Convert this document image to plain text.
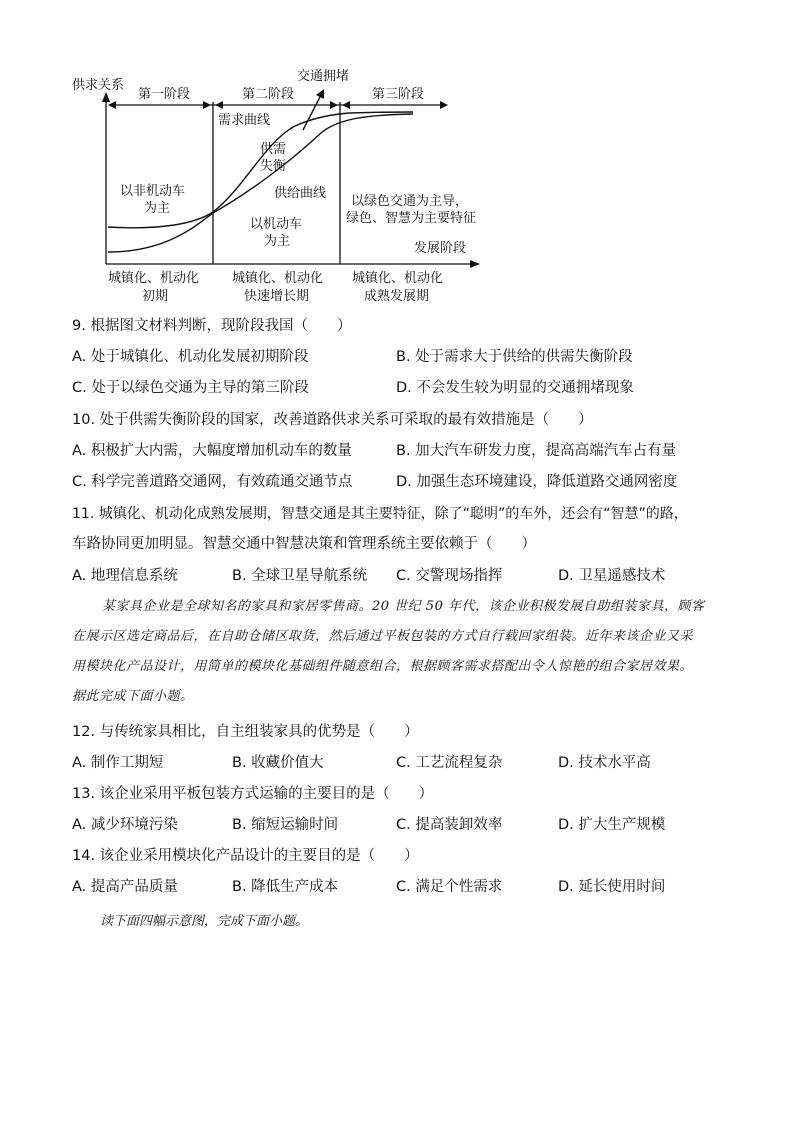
供求关系
第一阶段	第二阶段	第三阶段
交通拥堵
需求曲线
供需
失衡
供给曲线
以非机动车
为主
以机动车
为主
以绿色交通为主导，
绿色、智慧为主要特征
发展阶段
城镇化、机动化
初期
城镇化、机动化
快速增长期
城镇化、机动化
成熟发展期
9. 根据图文材料判断，现阶段我国（　　）
A. 处于城镇化、机动化发展初期阶段	B. 处于需求大于供给的供需失衡阶段
C. 处于以绿色交通为主导的第三阶段	D. 不会发生较为明显的交通拥堵现象
10. 处于供需失衡阶段的国家，改善道路供求关系可采取的最有效措施是（　　）
A. 积极扩大内需，大幅度增加机动车的数量	B. 加大汽车研发力度，提高高端汽车占有量
C. 科学完善道路交通网，有效疏通交通节点	D. 加强生态环境建设，降低道路交通网密度
11. 城镇化、机动化成熟发展期，智慧交通是其主要特征，除了“聪明”的车外，还会有“智慧”的路，
车路协同更加明显。智慧交通中智慧决策和管理系统主要依赖于（　　）
A. 地理信息系统	B. 全球卫星导航系统 C. 交警现场指挥	D. 卫星遥感技术

某家具企业是全球知名的家具和家居零售商。20 世纪 50 年代，该企业积极发展自助组装家具，顾客

在展示区选定商品后，在自助仓储区取货，然后通过平板包装的方式自行载回家组装。近年来该企业又采

用模块化产品设计，用简单的模块化基础组件随意组合，根据顾客需求搭配出令人惊艳的组合家居效果。

据此完成下面小题。

12. 与传统家具相比，自主组装家具的优势是（　　）
A. 制作工期短	B. 收藏价值大	C. 工艺流程复杂	D. 技术水平高
13. 该企业采用平板包装方式运输的主要目的是（　　）
A. 减少环境污染	B. 缩短运输时间	C. 提高装卸效率	D. 扩大生产规模
14. 该企业采用模块化产品设计的主要目的是（　　）
A. 提高产品质量	B. 降低生产成本	C. 满足个性需求	D. 延长使用时间
读下面四幅示意图，完成下面小题。
